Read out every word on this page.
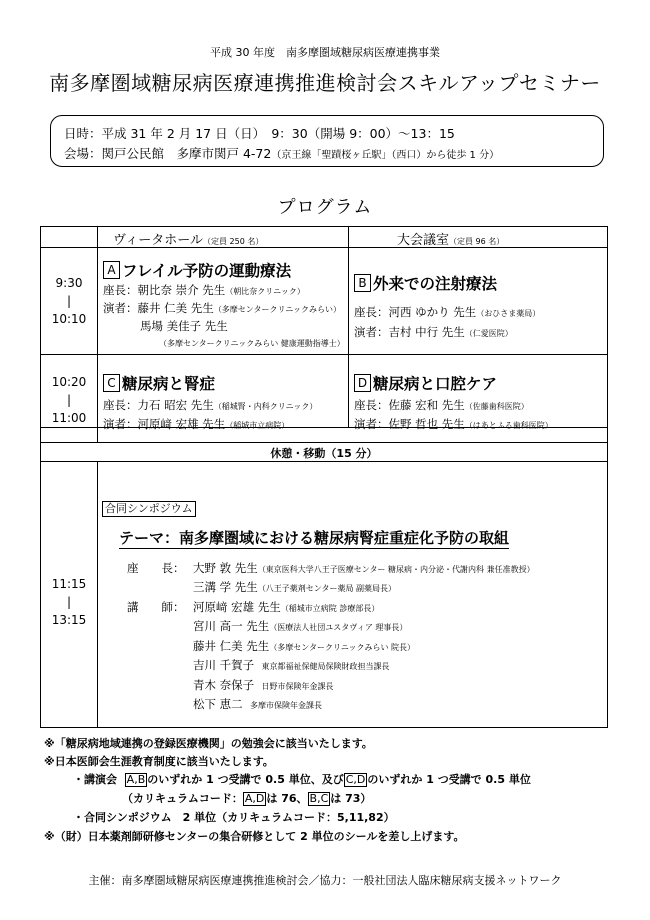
平成 30 年度　南多摩圏域糖尿病医療連携事業
南多摩圏域糖尿病医療連携推進検討会スキルアップセミナー
日時：平成 31 年 2 月 17 日（日）　9：30（開場 9：00）～13：15
会場：関戸公民館　多摩市関戸 4-72（京王線「聖蹟桜ヶ丘駅」（西口）から徒歩 1 分）
プログラム
ヴィータホール（定員 250 名）	大会議室（定員 96 名）
9:30
|
10:10
A フレイル予防の運動療法
座長：朝比奈 崇介 先生（朝比奈クリニック）
演者：藤井 仁美 先生（多摩センタークリニックみらい）
馬場 美佳子 先生
（多摩センタークリニックみらい 健康運動指導士）
B 外来での注射療法
座長：河西 ゆかり 先生（おひさま薬局）
演者：吉村 中行 先生（仁愛医院）
10:20
|
11:00
C 糖尿病と腎症
座長：力石 昭宏 先生（稲城腎・内科クリニック）
演者：河原﨑 宏雄 先生（稲城市立病院）
D 糖尿病と口腔ケア
座長：佐藤 宏和 先生（佐藤歯科医院）
演者：佐野 哲也 先生（はあとふる歯科医院）
休憩・移動（15 分）
11:15
|
13:15
合同シンポジウム
テーマ：南多摩圏域における糖尿病腎症重症化予防の取組
座　　長：
講　　師：
大野 敦 先生（東京医科大学八王子医療センター 糖尿病・内分泌・代謝内科 兼任准教授）
三溝 学 先生（八王子薬剤センター薬局 副薬局長）
河原﨑 宏雄 先生（稲城市立病院 診療部長）
宮川 高一 先生（医療法人社団ユスタヴィア 理事長）
藤井 仁美 先生（多摩センタークリニックみらい 院長）
吉川 千賀子 東京都福祉保健局保険財政担当課長
青木 奈保子 日野市保険年金課長
松下 恵二 多摩市保険年金課長
※「糖尿病地域連携の登録医療機関」の勉強会に該当いたします。
※日本医師会生涯教育制度に該当いたします。
・講演会 A,B のいずれか 1 つ受講で 0.5 単位、及び C,D のいずれか 1 つ受講で 0.5 単位
（カリキュラムコード： A,D は 76、 B,C は 73）
・合同シンポジウム　2 単位（カリキュラムコード：5,11,82）
※（財）日本薬剤師研修センターの集合研修として 2 単位のシールを差し上げます。
主催：南多摩圏域糖尿病医療連携推進検討会／協力：一般社団法人臨床糖尿病支援ネットワーク
